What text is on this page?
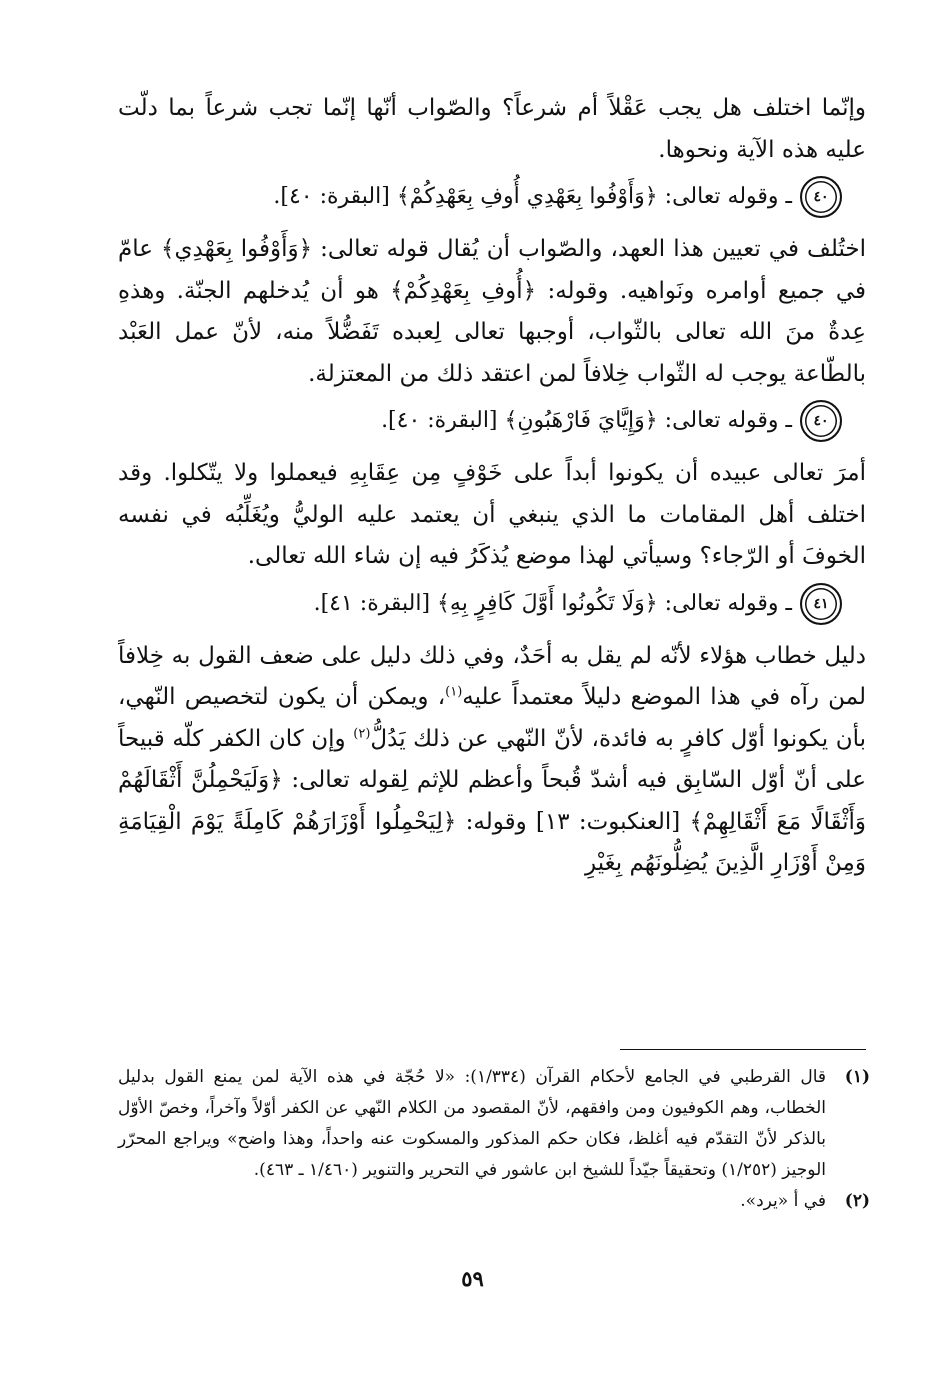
وإنّما اختلف هل يجب عَقْلاً أم شرعاً؟ والصّواب أنّها إنّما تجب شرعاً بما دلّت عليه هذه الآية ونحوها.

٤٠
ـ وقوله تعالى: ﴿وَأَوْفُوا بِعَهْدِي أُوفِ بِعَهْدِكُمْ﴾ [البقرة: ٤٠].

اختُلف في تعيين هذا العهد، والصّواب أن يُقال قوله تعالى: ﴿وَأَوْفُوا بِعَهْدِي﴾ عامّ في جميع أوامره ونَواهيه. وقوله: ﴿أُوفِ بِعَهْدِكُمْ﴾ هو أن يُدخلهم الجنّة. وهذهِ عِدةٌ منَ الله تعالى بالثّواب، أوجبها تعالى لِعبده تَفَضُّلاً منه، لأنّ عمل العَبْد بالطّاعة يوجب له الثّواب خِلافاً لمن اعتقد ذلك من المعتزلة.

٤٠
ـ وقوله تعالى: ﴿وَإِيَّايَ فَارْهَبُونِ﴾ [البقرة: ٤٠].

أمرَ تعالى عبيده أن يكونوا أبداً على خَوْفٍ مِن عِقَابِهِ فيعملوا ولا يتّكلوا. وقد اختلف أهل المقامات ما الذي ينبغي أن يعتمد عليه الوليُّ ويُغَلِّبُه في نفسه الخوفَ أو الرّجاء؟ وسيأتي لهذا موضع يُذكَرُ فيه إن شاء الله تعالى.

٤١
ـ وقوله تعالى: ﴿وَلَا تَكُونُوا أَوَّلَ كَافِرٍ بِهِ﴾ [البقرة: ٤١].

دليل خطاب هؤلاء لأنّه لم يقل به أحَدٌ، وفي ذلك دليل على ضعف القول به خِلافاً لمن رآه في هذا الموضع دليلاً معتمداً عليه$^{(١)}$، ويمكن أن يكون لتخصيص النّهي، بأن يكونوا أوّل كافرٍ به فائدة، لأنّ النّهي عن ذلك يَدُلُّ$^{(٢)}$ وإن كان الكفر كلّه قبيحاً على أنّ أوّل السّابِق فيه أشدّ قُبحاً وأعظم للإثم لِقوله تعالى: ﴿وَلَيَحْمِلُنَّ أَثْقَالَهُمْ وَأَثْقَالًا مَعَ أَثْقَالِهِمْ﴾ [العنكبوت: ١٣] وقوله: ﴿لِيَحْمِلُوا أَوْزَارَهُمْ كَامِلَةً يَوْمَ الْقِيَامَةِ وَمِنْ أَوْزَارِ الَّذِينَ يُضِلُّونَهُم بِغَيْرِ

(١)
قال القرطبي في الجامع لأحكام القرآن (١/٣٣٤): «لا حُجّة في هذه الآية لمن يمنع القول بدليل الخطاب، وهم الكوفيون ومن وافقهم، لأنّ المقصود من الكلام النّهي عن الكفر أوّلاً وآخراً، وخصّ الأوّل بالذكر لأنّ التقدّم فيه أغلظ، فكان حكم المذكور والمسكوت عنه واحداً، وهذا واضح» ويراجع المحرّر الوجيز (١/٢٥٢) وتحقيقاً جيّداً للشيخ ابن عاشور في التحرير والتنوير (١/٤٦٠ ـ ٤٦٣).
(٢)
في أ «يرد».
٥٩
